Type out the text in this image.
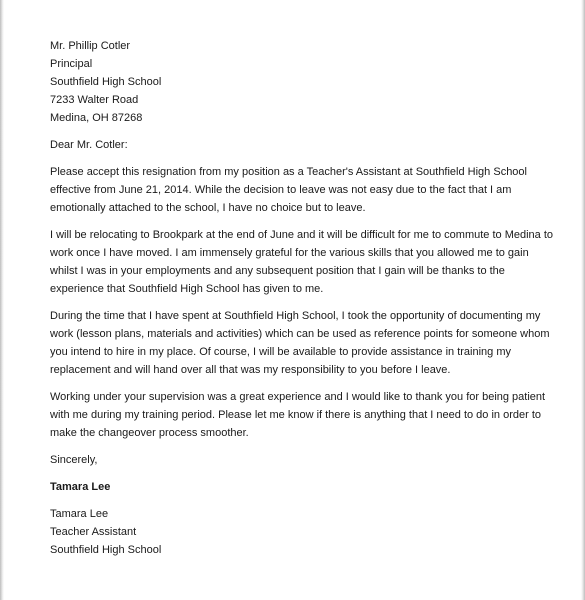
Mr. Phillip Cotler
Principal
Southfield High School
7233 Walter Road
Medina, OH 87268
Dear Mr. Cotler:
Please accept this resignation from my position as a Teacher's Assistant at Southfield High School
effective from June 21, 2014. While the decision to leave was not easy due to the fact that I am
emotionally attached to the school, I have no choice but to leave.
I will be relocating to Brookpark at the end of June and it will be difficult for me to commute to Medina to
work once I have moved. I am immensely grateful for the various skills that you allowed me to gain
whilst I was in your employments and any subsequent position that I gain will be thanks to the
experience that Southfield High School has given to me.
During the time that I have spent at Southfield High School, I took the opportunity of documenting my
work (lesson plans, materials and activities) which can be used as reference points for someone whom
you intend to hire in my place. Of course, I will be available to provide assistance in training my
replacement and will hand over all that was my responsibility to you before I leave.
Working under your supervision was a great experience and I would like to thank you for being patient
with me during my training period. Please let me know if there is anything that I need to do in order to
make the changeover process smoother.
Sincerely,
Tamara Lee
Tamara Lee
Teacher Assistant
Southfield High School
